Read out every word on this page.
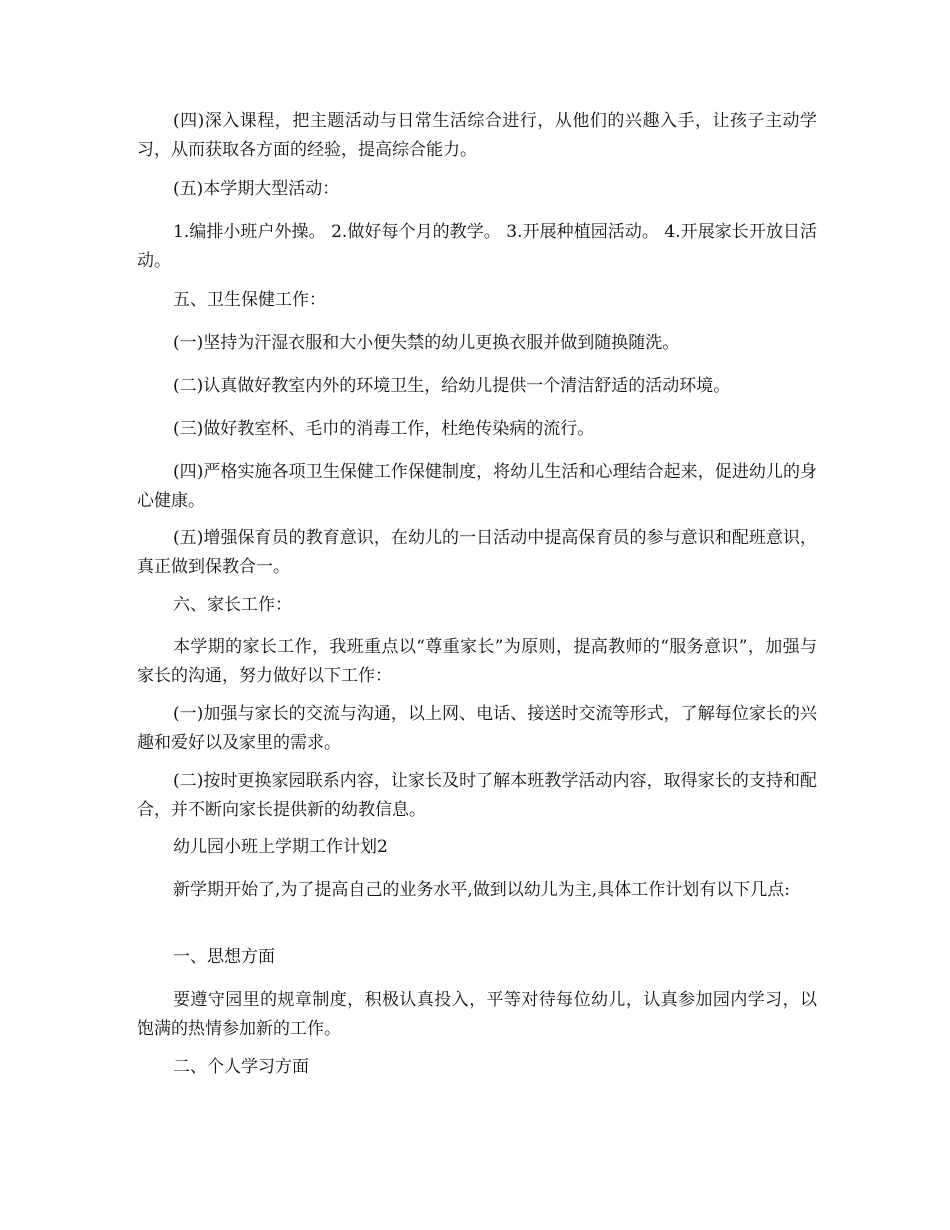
(四)深入课程，把主题活动与日常生活综合进行，从他们的兴趣入手，让孩子主动学习，从而获取各方面的经验，提高综合能力。

(五)本学期大型活动：

1.编排小班户外操。 2.做好每个月的教学。 3.开展种植园活动。 4.开展家长开放日活动。

五、卫生保健工作：

(一)坚持为汗湿衣服和大小便失禁的幼儿更换衣服并做到随换随洗。

(二)认真做好教室内外的环境卫生，给幼儿提供一个清洁舒适的活动环境。

(三)做好教室杯、毛巾的消毒工作，杜绝传染病的流行。

(四)严格实施各项卫生保健工作保健制度，将幼儿生活和心理结合起来，促进幼儿的身心健康。

(五)增强保育员的教育意识，在幼儿的一日活动中提高保育员的参与意识和配班意识，真正做到保教合一。

六、家长工作：

本学期的家长工作，我班重点以“尊重家长”为原则，提高教师的“服务意识”，加强与家长的沟通，努力做好以下工作：

(一)加强与家长的交流与沟通，以上网、电话、接送时交流等形式，了解每位家长的兴趣和爱好以及家里的需求。

(二)按时更换家园联系内容，让家长及时了解本班教学活动内容，取得家长的支持和配合，并不断向家长提供新的幼教信息。

幼儿园小班上学期工作计划2

新学期开始了,为了提高自己的业务水平,做到以幼儿为主,具体工作计划有以下几点:

一、思想方面

要遵守园里的规章制度，积极认真投入，平等对待每位幼儿，认真参加园内学习，以饱满的热情参加新的工作。

二、个人学习方面
